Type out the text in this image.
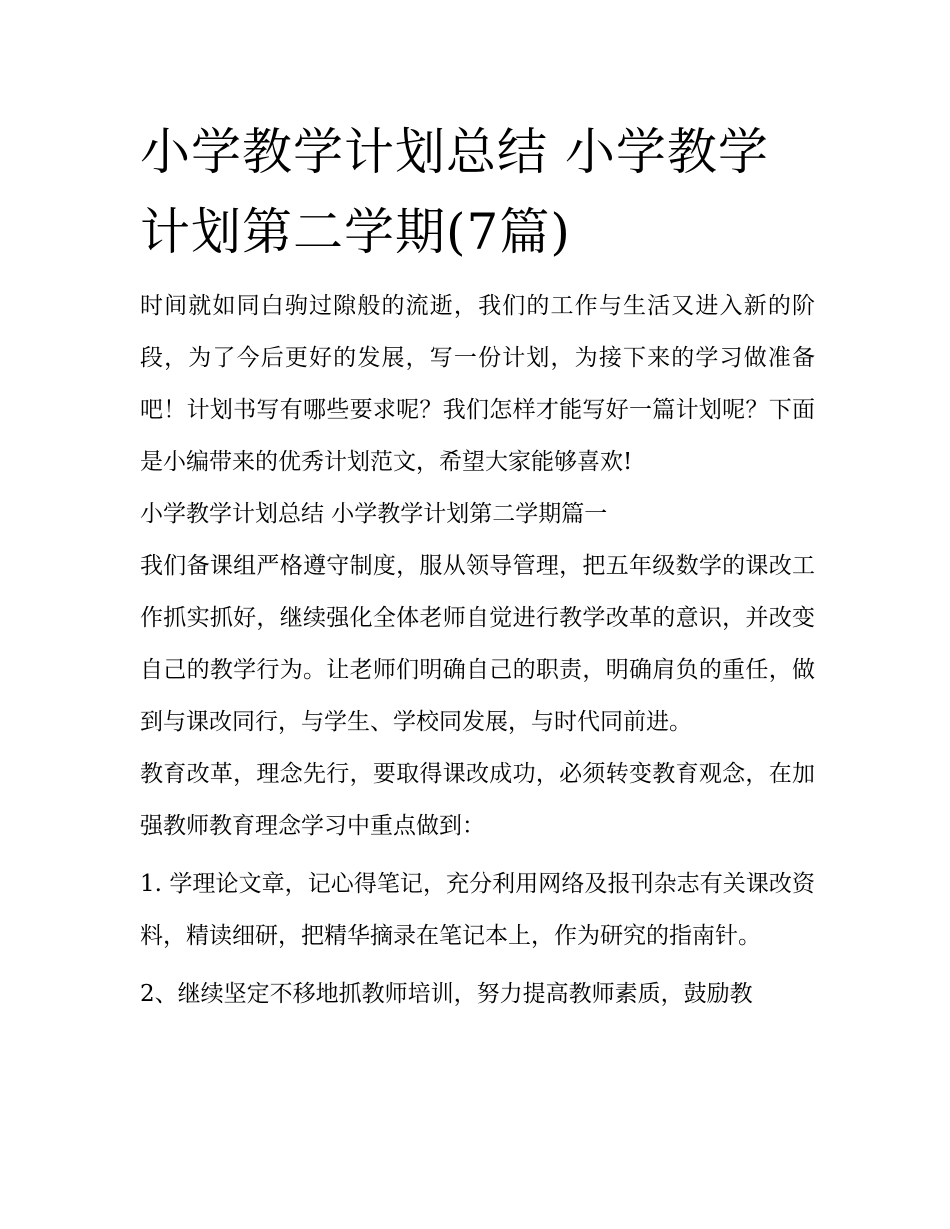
小学教学计划总结 小学教学计划第二学期(7篇)

时间就如同白驹过隙般的流逝，我们的工作与生活又进入新的阶段，为了今后更好的发展，写一份计划，为接下来的学习做准备吧！计划书写有哪些要求呢？我们怎样才能写好一篇计划呢？下面是小编带来的优秀计划范文，希望大家能够喜欢!

小学教学计划总结 小学教学计划第二学期篇一

我们备课组严格遵守制度，服从领导管理，把五年级数学的课改工作抓实抓好，继续强化全体老师自觉进行教学改革的意识，并改变自己的教学行为。让老师们明确自己的职责，明确肩负的重任，做到与课改同行，与学生、学校同发展，与时代同前进。

教育改革，理念先行，要取得课改成功，必须转变教育观念，在加强教师教育理念学习中重点做到：

1. 学理论文章，记心得笔记，充分利用网络及报刊杂志有关课改资料，精读细研，把精华摘录在笔记本上，作为研究的指南针。

2、继续坚定不移地抓教师培训，努力提高教师素质，鼓励教
